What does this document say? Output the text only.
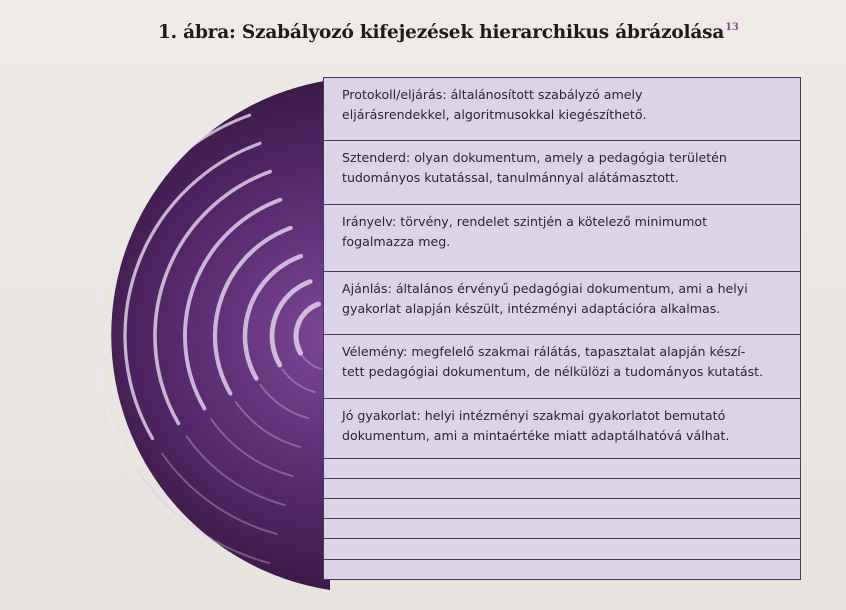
1. ábra: Szabályozó kifejezések hierarchikus ábrázolása$^{13}$
Protokoll/eljárás: általánosított szabályzó amely
eljárásrendekkel, algoritmusokkal kiegészíthető.
Sztenderd: olyan dokumentum, amely a pedagógia területén
tudományos kutatással, tanulmánnyal alátámasztott.
Irányelv: törvény, rendelet szintjén a kötelező minimumot
fogalmazza meg.
Ajánlás: általános érvényű pedagógiai dokumentum, ami a helyi
gyakorlat alapján készült, intézményi adaptációra alkalmas.
Vélemény: megfelelő szakmai rálátás, tapasztalat alapján készí-
tett pedagógiai dokumentum, de nélkülözi a tudományos kutatást.
Jó gyakorlat: helyi intézményi szakmai gyakorlatot bemutató
dokumentum, ami a mintaértéke miatt adaptálhatóvá válhat.
